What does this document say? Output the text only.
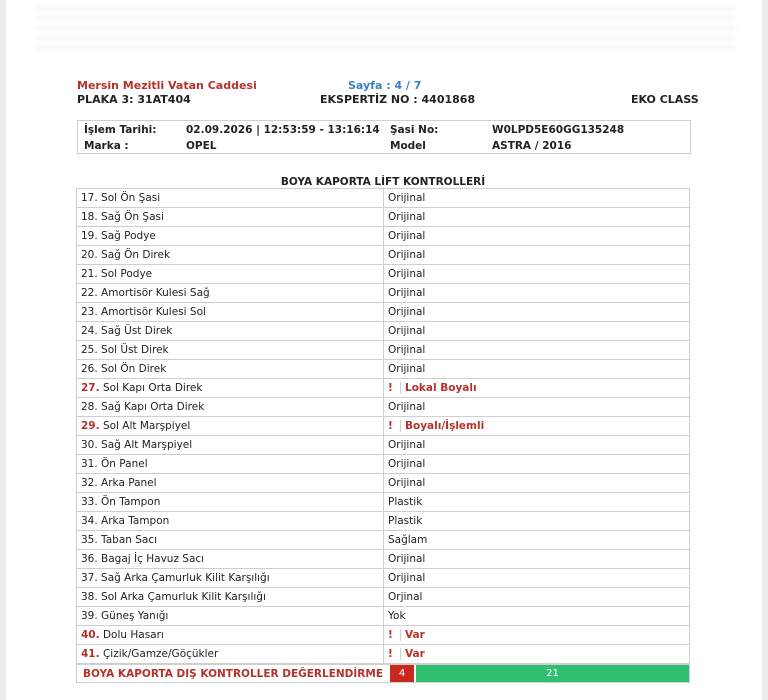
Mersin Mezitli Vatan Caddesi	Sayfa : 4 / 7
PLAKA 3: 31AT404	EKSPERTİZ NO : 4401868	EKO CLASS
İşlem Tarihi:	02.09.2026 | 12:53:59 - 13:16:14 Şasi No:	W0LPD5E60GG135248
Marka :	OPEL	Model	ASTRA / 2016
BOYA KAPORTA LİFT KONTROLLERİ
17. Sol Ön Şasi	Orijinal
18. Sağ Ön Şasi	Orijinal
19. Sağ Podye	Orijinal
20. Sağ Ön Direk	Orijinal
21. Sol Podye	Orijinal
22. Amortisör Kulesi Sağ	Orijinal
23. Amortisör Kulesi Sol	Orijinal
24. Sağ Üst Direk	Orijinal
25. Sol Üst Direk	Orijinal
26. Sol Ön Direk	Orijinal
27. Sol Kapı Orta Direk	! Lokal Boyalı
28. Sağ Kapı Orta Direk	Orijinal
29. Sol Alt Marşpiyel	! Boyalı/İşlemli
30. Sağ Alt Marşpiyel	Orijinal
31. Ön Panel	Orijinal
32. Arka Panel	Orijinal
33. Ön Tampon	Plastik
34. Arka Tampon	Plastik
35. Taban Sacı	Sağlam
36. Bagaj İç Havuz Sacı	Orijinal
37. Sağ Arka Çamurluk Kilit Karşılığı	Orijinal
38. Sol Arka Çamurluk Kilit Karşılığı	Orjinal
39. Güneş Yanığı	Yok
40. Dolu Hasarı	! Var
41. Çizik/Gamze/Göçükler	! Var
BOYA KAPORTA DIŞ KONTROLLER DEĞERLENDİRME	4	21
